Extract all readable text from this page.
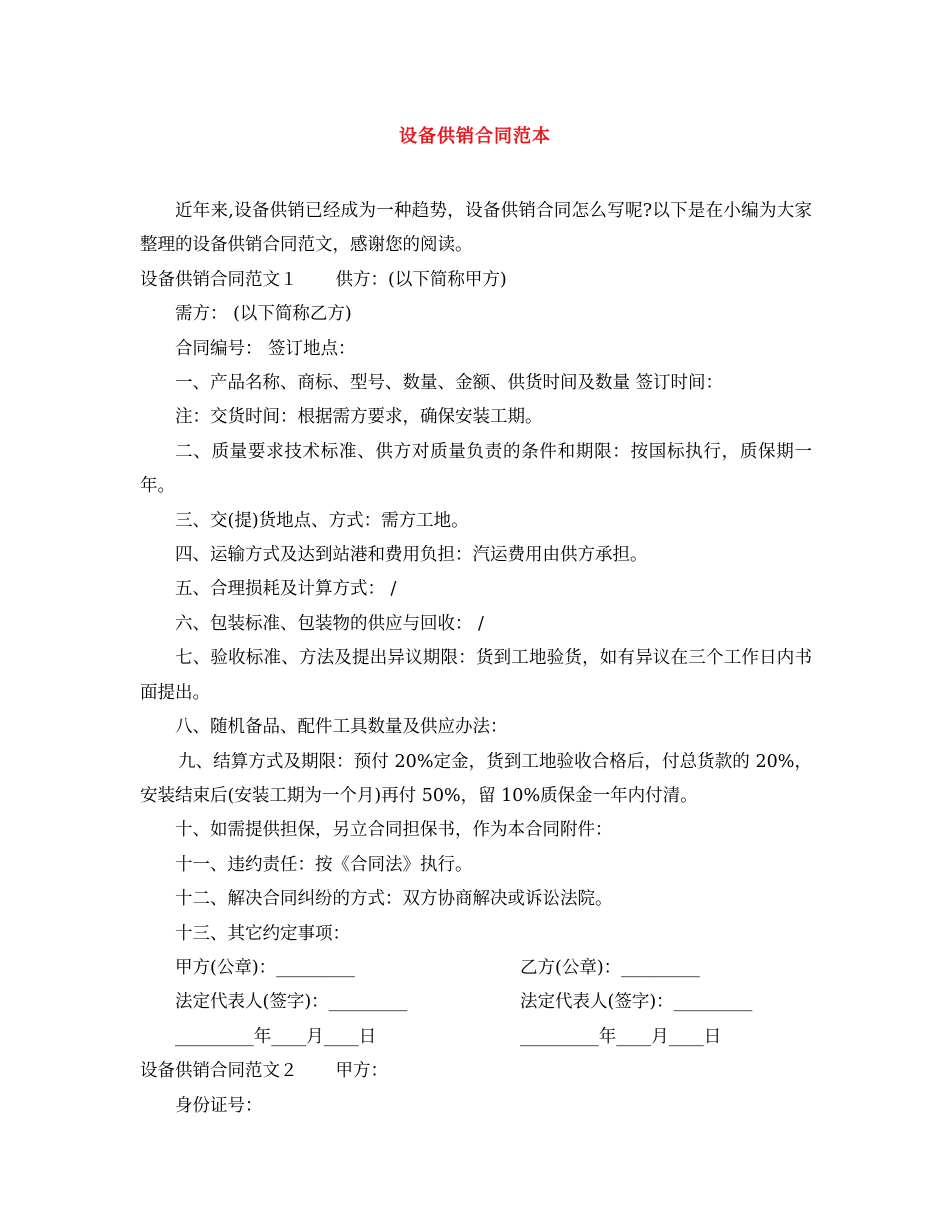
设备供销合同范本

近年来,设备供销已经成为一种趋势，设备供销合同怎么写呢?以下是在小编为大家整理的设备供销合同范文，感谢您的阅读。

设备供销合同范文１ 供方：(以下简称甲方)

需方： (以下简称乙方)

合同编号： 签订地点：

一、产品名称、商标、型号、数量、金额、供货时间及数量 签订时间：

注：交货时间：根据需方要求，确保安装工期。

二、质量要求技术标准、供方对质量负责的条件和期限：按国标执行，质保期一年。

三、交(提)货地点、方式：需方工地。

四、运输方式及达到站港和费用负担：汽运费用由供方承担。

五、合理损耗及计算方式： /

六、包装标准、包装物的供应与回收： /

七、验收标准、方法及提出异议期限：货到工地验货，如有异议在三个工作日内书面提出。

八、随机备品、配件工具数量及供应办法：

九、结算方式及期限：预付 20%定金，货到工地验收合格后，付总货款的 20%，安装结束后(安装工期为一个月)再付 50%，留 10%质保金一年内付清。

十、如需提供担保，另立合同担保书，作为本合同附件：

十一、违约责任：按《合同法》执行。

十二、解决合同纠纷的方式：双方协商解决或诉讼法院。

十三、其它约定事项：

甲方(公章)：_________	乙方(公章)：_________
法定代表人(签字)：_________	法定代表人(签字)：_________
_________年____月____日	_________年____月____日

设备供销合同范文２ 甲方：

身份证号：
